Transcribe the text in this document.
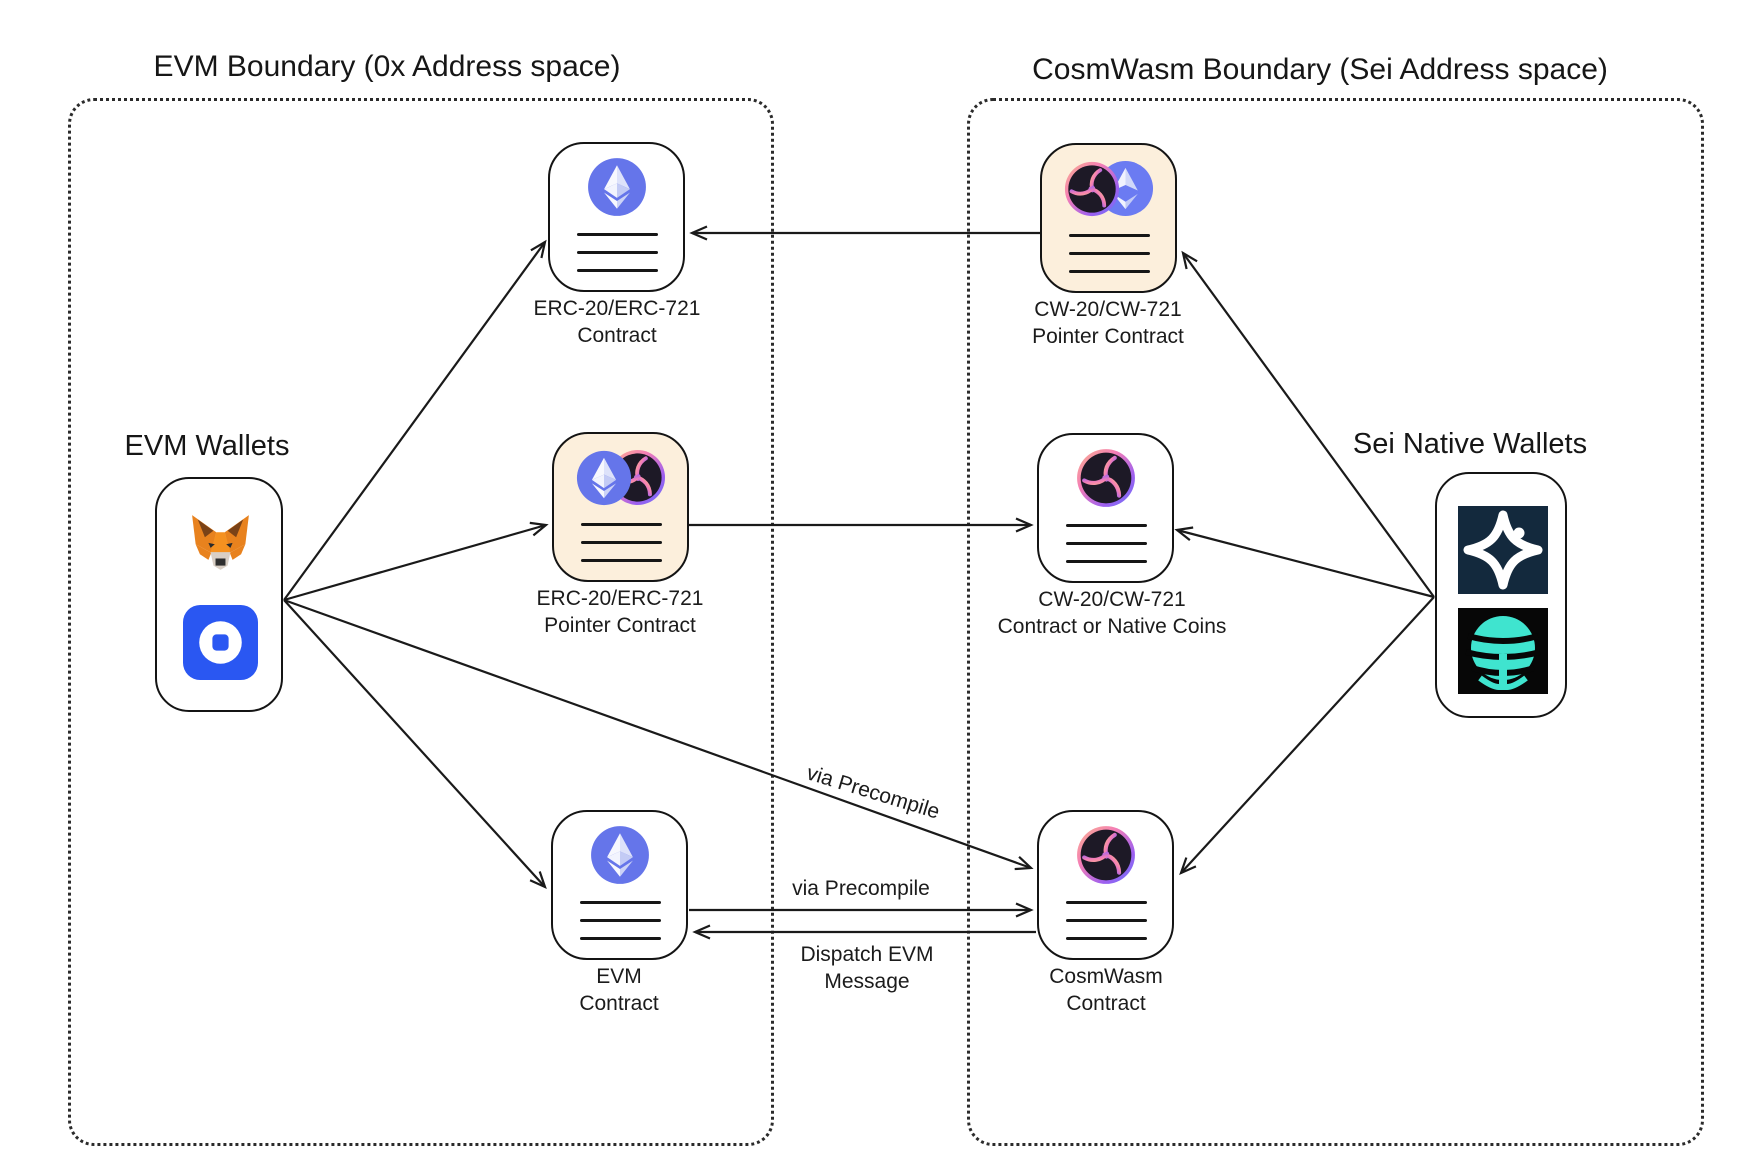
EVM Boundary (0x Address space)	CosmWasm Boundary (Sei Address space)
EVM Wallets	Sei Native Wallets
ERC-20/ERC-721
Contract
ERC-20/ERC-721
Pointer Contract
EVM
Contract
CW-20/CW-721
Pointer Contract
CW-20/CW-721
Contract or Native Coins
CosmWasm
Contract
via Precompile
via Precompile
Dispatch EVM
Message
